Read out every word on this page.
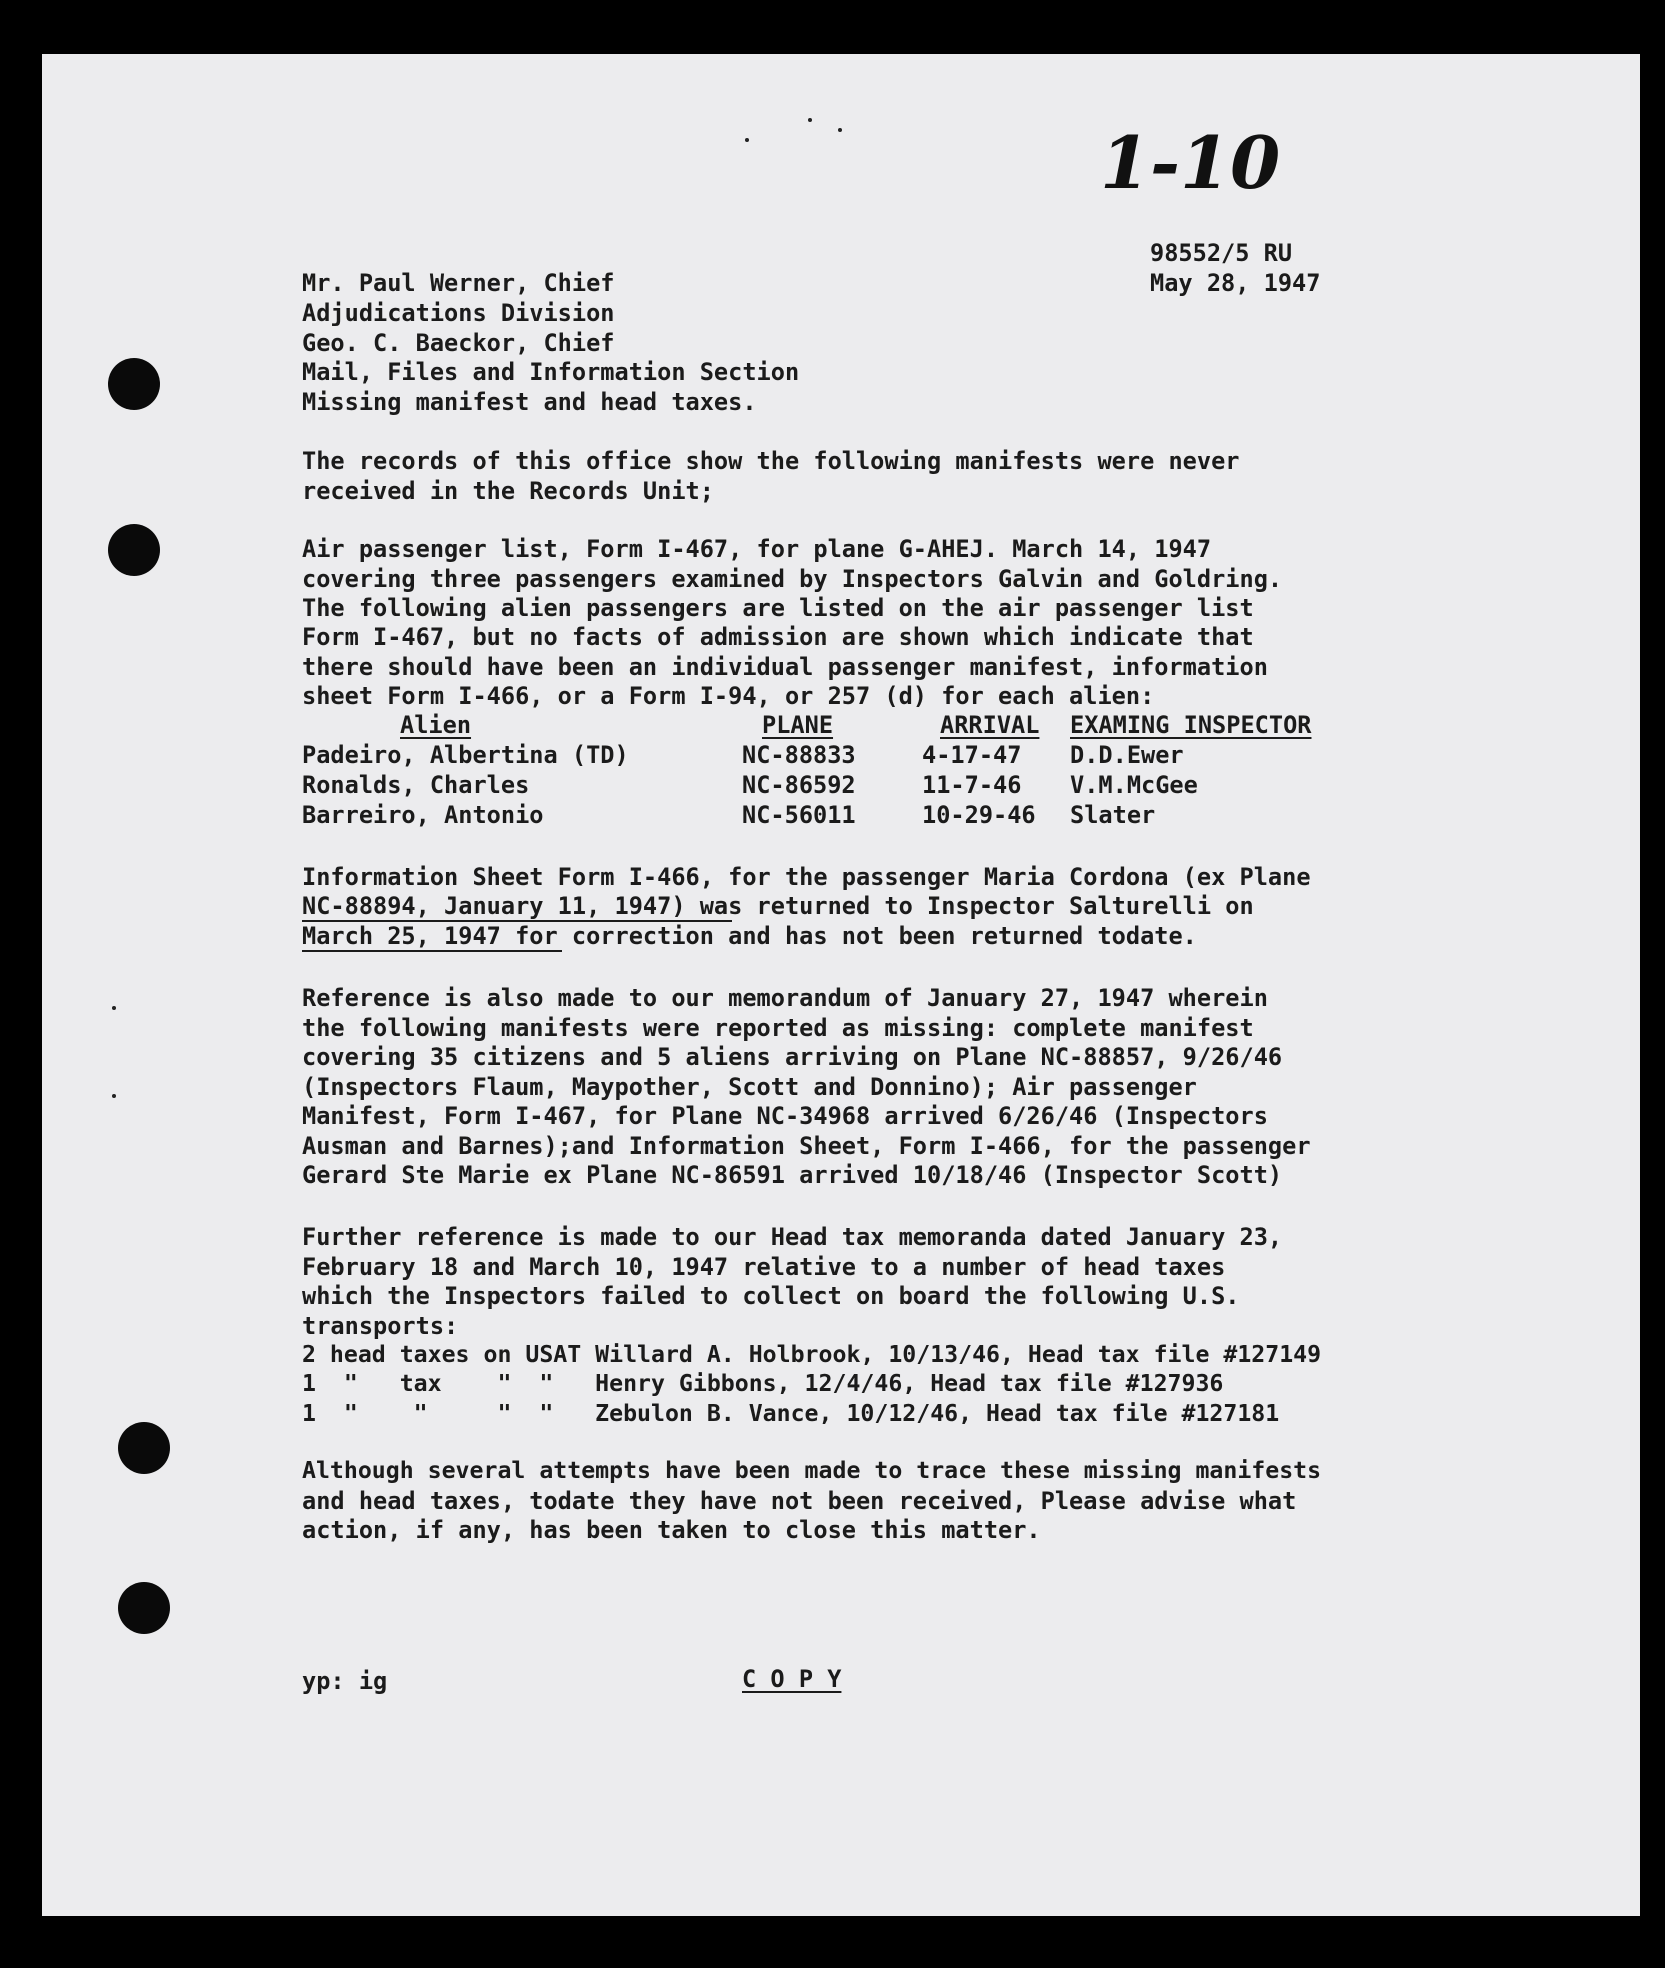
1-10
98552/5 RU
May 28, 1947
Mr. Paul Werner, Chief
Adjudications Division
Geo. C. Baeckor, Chief
Mail, Files and Information Section
Missing manifest and head taxes.
The records of this office show the following manifests were never
received in the Records Unit;
Air passenger list, Form I-467, for plane G-AHEJ. March 14, 1947
covering three passengers examined by Inspectors Galvin and Goldring.
The following alien passengers are listed on the air passenger list
Form I-467, but no facts of admission are shown which indicate that
there should have been an individual passenger manifest, information
sheet Form I-466, or a Form I-94, or 257 (d) for each alien:
Alien	PLANE	ARRIVAL EXAMING INSPECTOR
Padeiro, Albertina (TD)	NC-88833	4-17-47 D.D.Ewer
Ronalds, Charles	NC-86592	11-7-46 V.M.McGee
Barreiro, Antonio	NC-56011	10-29-46 Slater
Information Sheet Form I-466, for the passenger Maria Cordona (ex Plane
NC-88894, January 11, 1947) was returned to Inspector Salturelli on
March 25, 1947 for correction and has not been returned todate.
Reference is also made to our memorandum of January 27, 1947 wherein
the following manifests were reported as missing: complete manifest
covering 35 citizens and 5 aliens arriving on Plane NC-88857, 9/26/46
(Inspectors Flaum, Maypother, Scott and Donnino); Air passenger
Manifest, Form I-467, for Plane NC-34968 arrived 6/26/46 (Inspectors
Ausman and Barnes);and Information Sheet, Form I-466, for the passenger
Gerard Ste Marie ex Plane NC-86591 arrived 10/18/46 (Inspector Scott)
Further reference is made to our Head tax memoranda dated January 23,
February 18 and March 10, 1947 relative to a number of head taxes
which the Inspectors failed to collect on board the following U.S.
transports:
2 head taxes on USAT Willard A. Holbrook, 10/13/46, Head tax file #127149
1  "   tax    "  "   Henry Gibbons, 12/4/46, Head tax file #127936
1  "    "     "  "   Zebulon B. Vance, 10/12/46, Head tax file #127181
Although several attempts have been made to trace these missing manifests
and head taxes, todate they have not been received, Please advise what
action, if any, has been taken to close this matter.
yp: ig	C O P Y
